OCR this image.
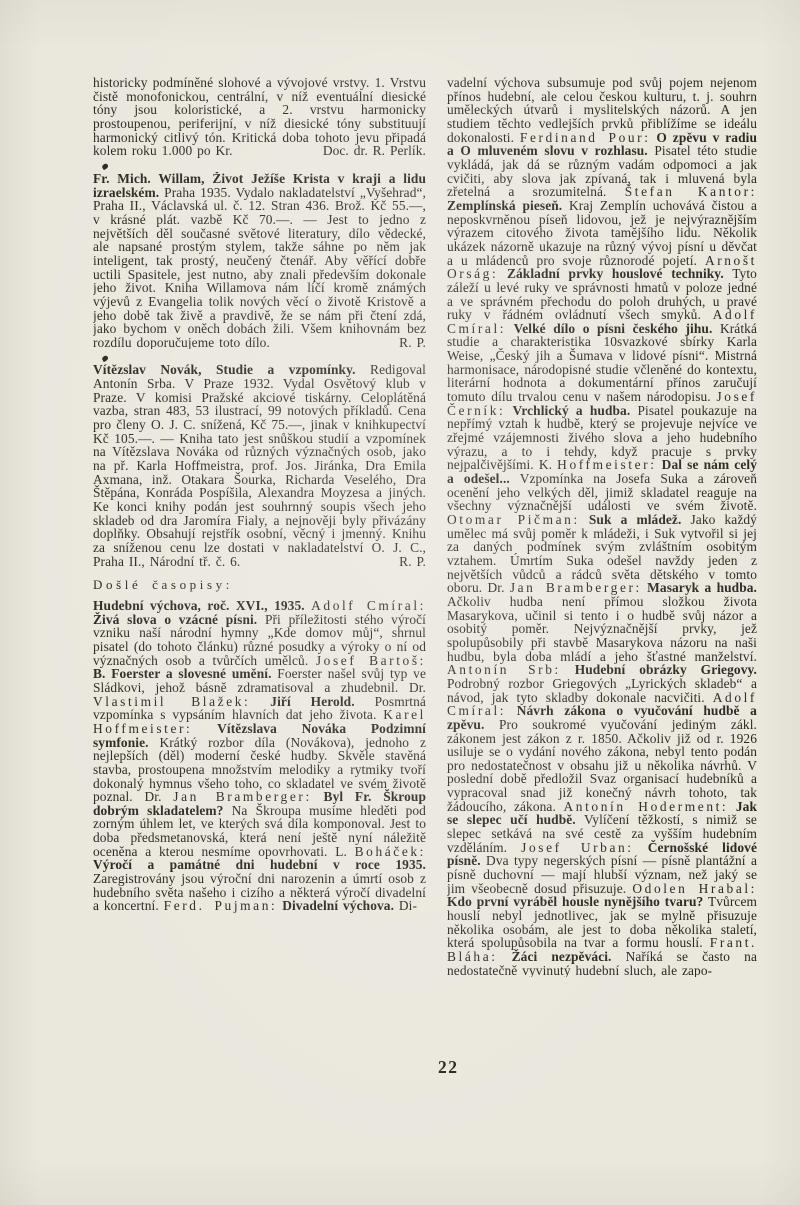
historicky podmíněné slohové a vývojové vrstvy. 1. Vrstvu čistě monofonickou, centrální, v níž eventuální diesické tóny jsou koloristické, a 2. vrstvu harmonicky prostoupenou, periferijní, v níž diesické tóny substituují harmonický citlivý tón. Kritická doba tohoto jevu připadá kolem roku 1.000 po Kr.	Doc. dr. R. Perlík.

Fr. Mich. Willam, Život Ježíše Krista v kraji a lidu izraelském. Praha 1935. Vydalo nakladatelství „Vyšehrad“, Praha II., Václavská ul. č. 12. Stran 436. Brož. Kč 55.—, v krásné plát. vazbě Kč 70.—. — Jest to jedno z největších děl současné světové literatury, dílo vědecké, ale napsané prostým stylem, takže sáhne po něm jak inteligent, tak prostý, neučený čtenář. Aby věřící dobře uctili Spasitele, jest nutno, aby znali především dokonale jeho život. Kniha Willamova nám líčí kromě známých výjevů z Evangelia tolik nových věcí o životě Kristově a jeho době tak živě a pravdivě, že se nám při čtení zdá, jako bychom v oněch dobách žili. Všem knihovnám bez rozdílu doporučujeme toto dílo.	R. P.

Vítězslav Novák, Studie a vzpomínky. Redigoval Antonín Srba. V Praze 1932. Vydal Osvětový klub v Praze. V komisi Pražské akciové tiskárny. Celoplátěná vazba, stran 483, 53 ilustrací, 99 notových příkladů. Cena pro členy O. J. C. snížená, Kč 75.—, jinak v knihkupectví Kč 105.—. — Kniha tato jest snůškou studií a vzpomínek na Vítězslava Nováka od různých význačných osob, jako na př. Karla Hoffmeistra, prof. Jos. Jiránka, Dra Emila Axmana, inž. Otakara Šourka, Richarda Veselého, Dra Štěpána, Konráda Pospíšila, Alexandra Moyzesa a jiných. Ke konci knihy podán jest souhrnný soupis všech jeho skladeb od dra Jaromíra Fialy, a nejnověji byly přivázány doplňky. Obsahují rejstřík osobní, věcný i jmenný. Knihu za sníženou cenu lze dostati v nakladatelství O. J. C., Praha II., Národní tř. č. 6.	R. P.

Došlé časopisy:

Hudební výchova, roč. XVI., 1935. Adolf Cmíral: Živá slova o vzácné písni. Při příležitosti stého výročí vzniku naší národní hymny „Kde domov můj“, shrnul pisatel (do tohoto článku) různé posudky a výroky o ní od význačných osob a tvůrčích umělců. Josef Bartoš: B. Foerster a slovesné umění. Foerster našel svůj typ ve Sládkovi, jehož básně zdramatisoval a zhudebnil. Dr. Vlastimil Blažek: Jiří Herold. Posmrtná vzpomínka s vypsáním hlavních dat jeho života. Karel Hoffmeister: Vítězslava Nováka Podzimní symfonie. Krátký rozbor díla (Novákova), jednoho z nejlepších (děl) moderní české hudby. Skvěle stavěná stavba, prostoupena množstvím melodiky a rytmiky tvoří dokonalý hymnus všeho toho, co skladatel ve svém životě poznal. Dr. Jan Bramberger: Byl Fr. Škroup dobrým skladatelem? Na Škroupa musíme hleděti pod zorným úhlem let, ve kterých svá díla komponoval. Jest to doba předsmetanovská, která není ještě nyní náležitě oceněna a kterou nesmíme opovrhovati. L. Boháček: Výročí a památné dni hudební v roce 1935. Zaregistrovány jsou výroční dni narozenin a úmrtí osob z hudebního světa našeho i cizího a některá výročí divadelní a koncertní. Ferd. Pujman: Divadelní výchova. Di-

vadelní výchova subsumuje pod svůj pojem nejenom přínos hudební, ale celou českou kulturu, t. j. souhrn uměleckých útvarů i myslitelských názorů. A jen studiem těchto vedlejších prvků přiblížíme se ideálu dokonalosti. Ferdinand Pour: O zpěvu v radiu a O mluveném slovu v rozhlasu. Pisatel této studie vykládá, jak dá se různým vadám odpomoci a jak cvičiti, aby slova jak zpívaná, tak i mluvená byla zřetelná a srozumitelná. Štefan Kantor: Zemplínská pieseň. Kraj Zemplín uchovává čistou a neposkvrněnou píseň lidovou, jež je nejvýraznějším výrazem citového života tamějšího lidu. Několik ukázek názorně ukazuje na různý vývoj písní u děvčat a u mládenců pro svoje různorodé pojetí. Arnošt Orság: Základní prvky houslové techniky. Tyto záleží u levé ruky ve správnosti hmatů v poloze jedné a ve správném přechodu do poloh druhých, u pravé ruky v řádném ovládnutí všech smyků. Adolf Cmíral: Velké dílo o písni českého jihu. Krátká studie a charakteristika 10svazkové sbírky Karla Weise, „Český jih a Šumava v lidové písni“. Mistrná harmonisace, národopisné studie včleněné do kontextu, literární hodnota a dokumentární přínos zaručují tomuto dílu trvalou cenu v našem národopisu. Josef Černík: Vrchlický a hudba. Pisatel poukazuje na nepřímý vztah k hudbě, který se projevuje nejvíce ve zřejmé vzájemnosti živého slova a jeho hudebního výrazu, a to i tehdy, když pracuje s prvky nejpalčivějšími. K. Hoffmeister: Dal se nám celý a odešel... Vzpomínka na Josefa Suka a zároveň ocenění jeho velkých děl, jimiž skladatel reaguje na všechny význačnější události ve svém životě. Otomar Pičman: Suk a mládež. Jako každý umělec má svůj poměr k mládeži, i Suk vytvořil si jej za daných podmínek svým zvláštním osobitým vztahem. Úmrtím Suka odešel navždy jeden z největších vůdců a rádců světa dětského v tomto oboru. Dr. Jan Bramberger: Masaryk a hudba. Ačkoliv hudba není přímou složkou života Masarykova, učinil si tento i o hudbě svůj názor a osobitý poměr. Nejvýznačnější prvky, jež spolupůsobily při stavbě Masarykova názoru na naši hudbu, byla doba mládí a jeho šťastné manželství. Antonín Srb: Hudební obrázky Griegovy. Podrobný rozbor Griegových „Lyrických skladeb“ a návod, jak tyto skladby dokonale nacvičiti. Adolf Cmíral: Návrh zákona o vyučování hudbě a zpěvu. Pro soukromé vyučování jediným zákl. zákonem jest zákon z r. 1850. Ačkoliv již od r. 1926 usiluje se o vydání nového zákona, nebyl tento podán pro nedostatečnost v obsahu již u několika návrhů. V poslední době předložil Svaz organisací hudebníků a vypracoval snad již konečný návrh tohoto, tak žádoucího, zákona. Antonín Hoderment: Jak se slepec učí hudbě. Vylíčení těžkostí, s nimiž se slepec setkává na své cestě za vyšším hudebním vzděláním. Josef Urban: Černošské lidové písně. Dva typy negerských písní — písně plantážní a písně duchovní — mají hlubší význam, než jaký se jim všeobecně dosud přisuzuje. Odolen Hrabal: Kdo první vyráběl housle nynějšího tvaru? Tvůrcem houslí nebyl jednotlivec, jak se mylně přisuzuje několika osobám, ale jest to doba několika staletí, která spolupůsobila na tvar a formu houslí. Frant. Bláha: Žáci nezpěváci. Naříká se často na nedostatečně vyvinutý hudební sluch, ale zapo-

22
